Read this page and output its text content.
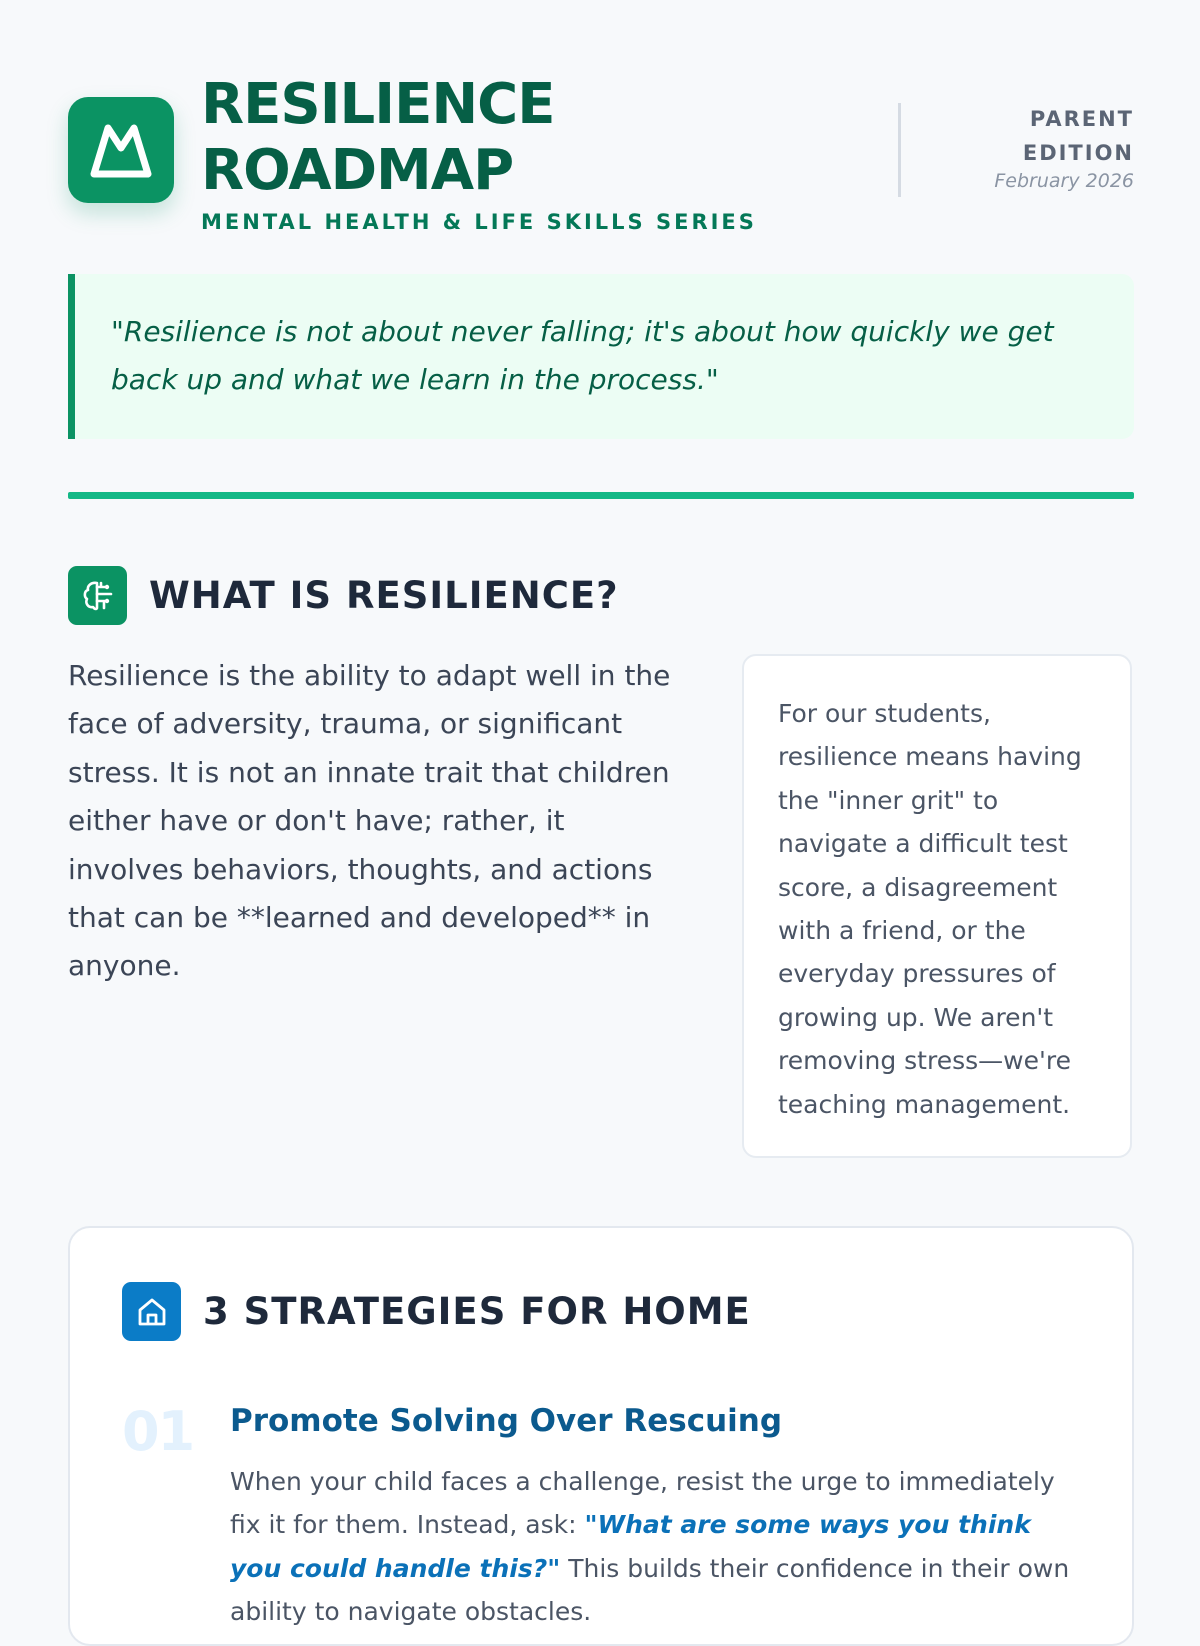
RESILIENCE
ROADMAP
MENTAL HEALTH & LIFE SKILLS SERIES
PARENT
EDITION
February 2026
"Resilience is not about never falling; it's about how quickly we get back up and what we learn in the process."
WHAT IS RESILIENCE?
Resilience is the ability to adapt well in the face of adversity, trauma, or significant stress. It is not an innate trait that children either have or don't have; rather, it involves behaviors, thoughts, and actions that can be **learned and developed** in anyone.
For our students, resilience means having the "inner grit" to navigate a difficult test score, a disagreement with a friend, or the everyday pressures of growing up. We aren't removing stress—we're teaching management.
3 STRATEGIES FOR HOME
01 Promote Solving Over Rescuing
When your child faces a challenge, resist the urge to immediately fix it for them. Instead, ask: "What are some ways you think you could handle this?" This builds their confidence in their own ability to navigate obstacles.
